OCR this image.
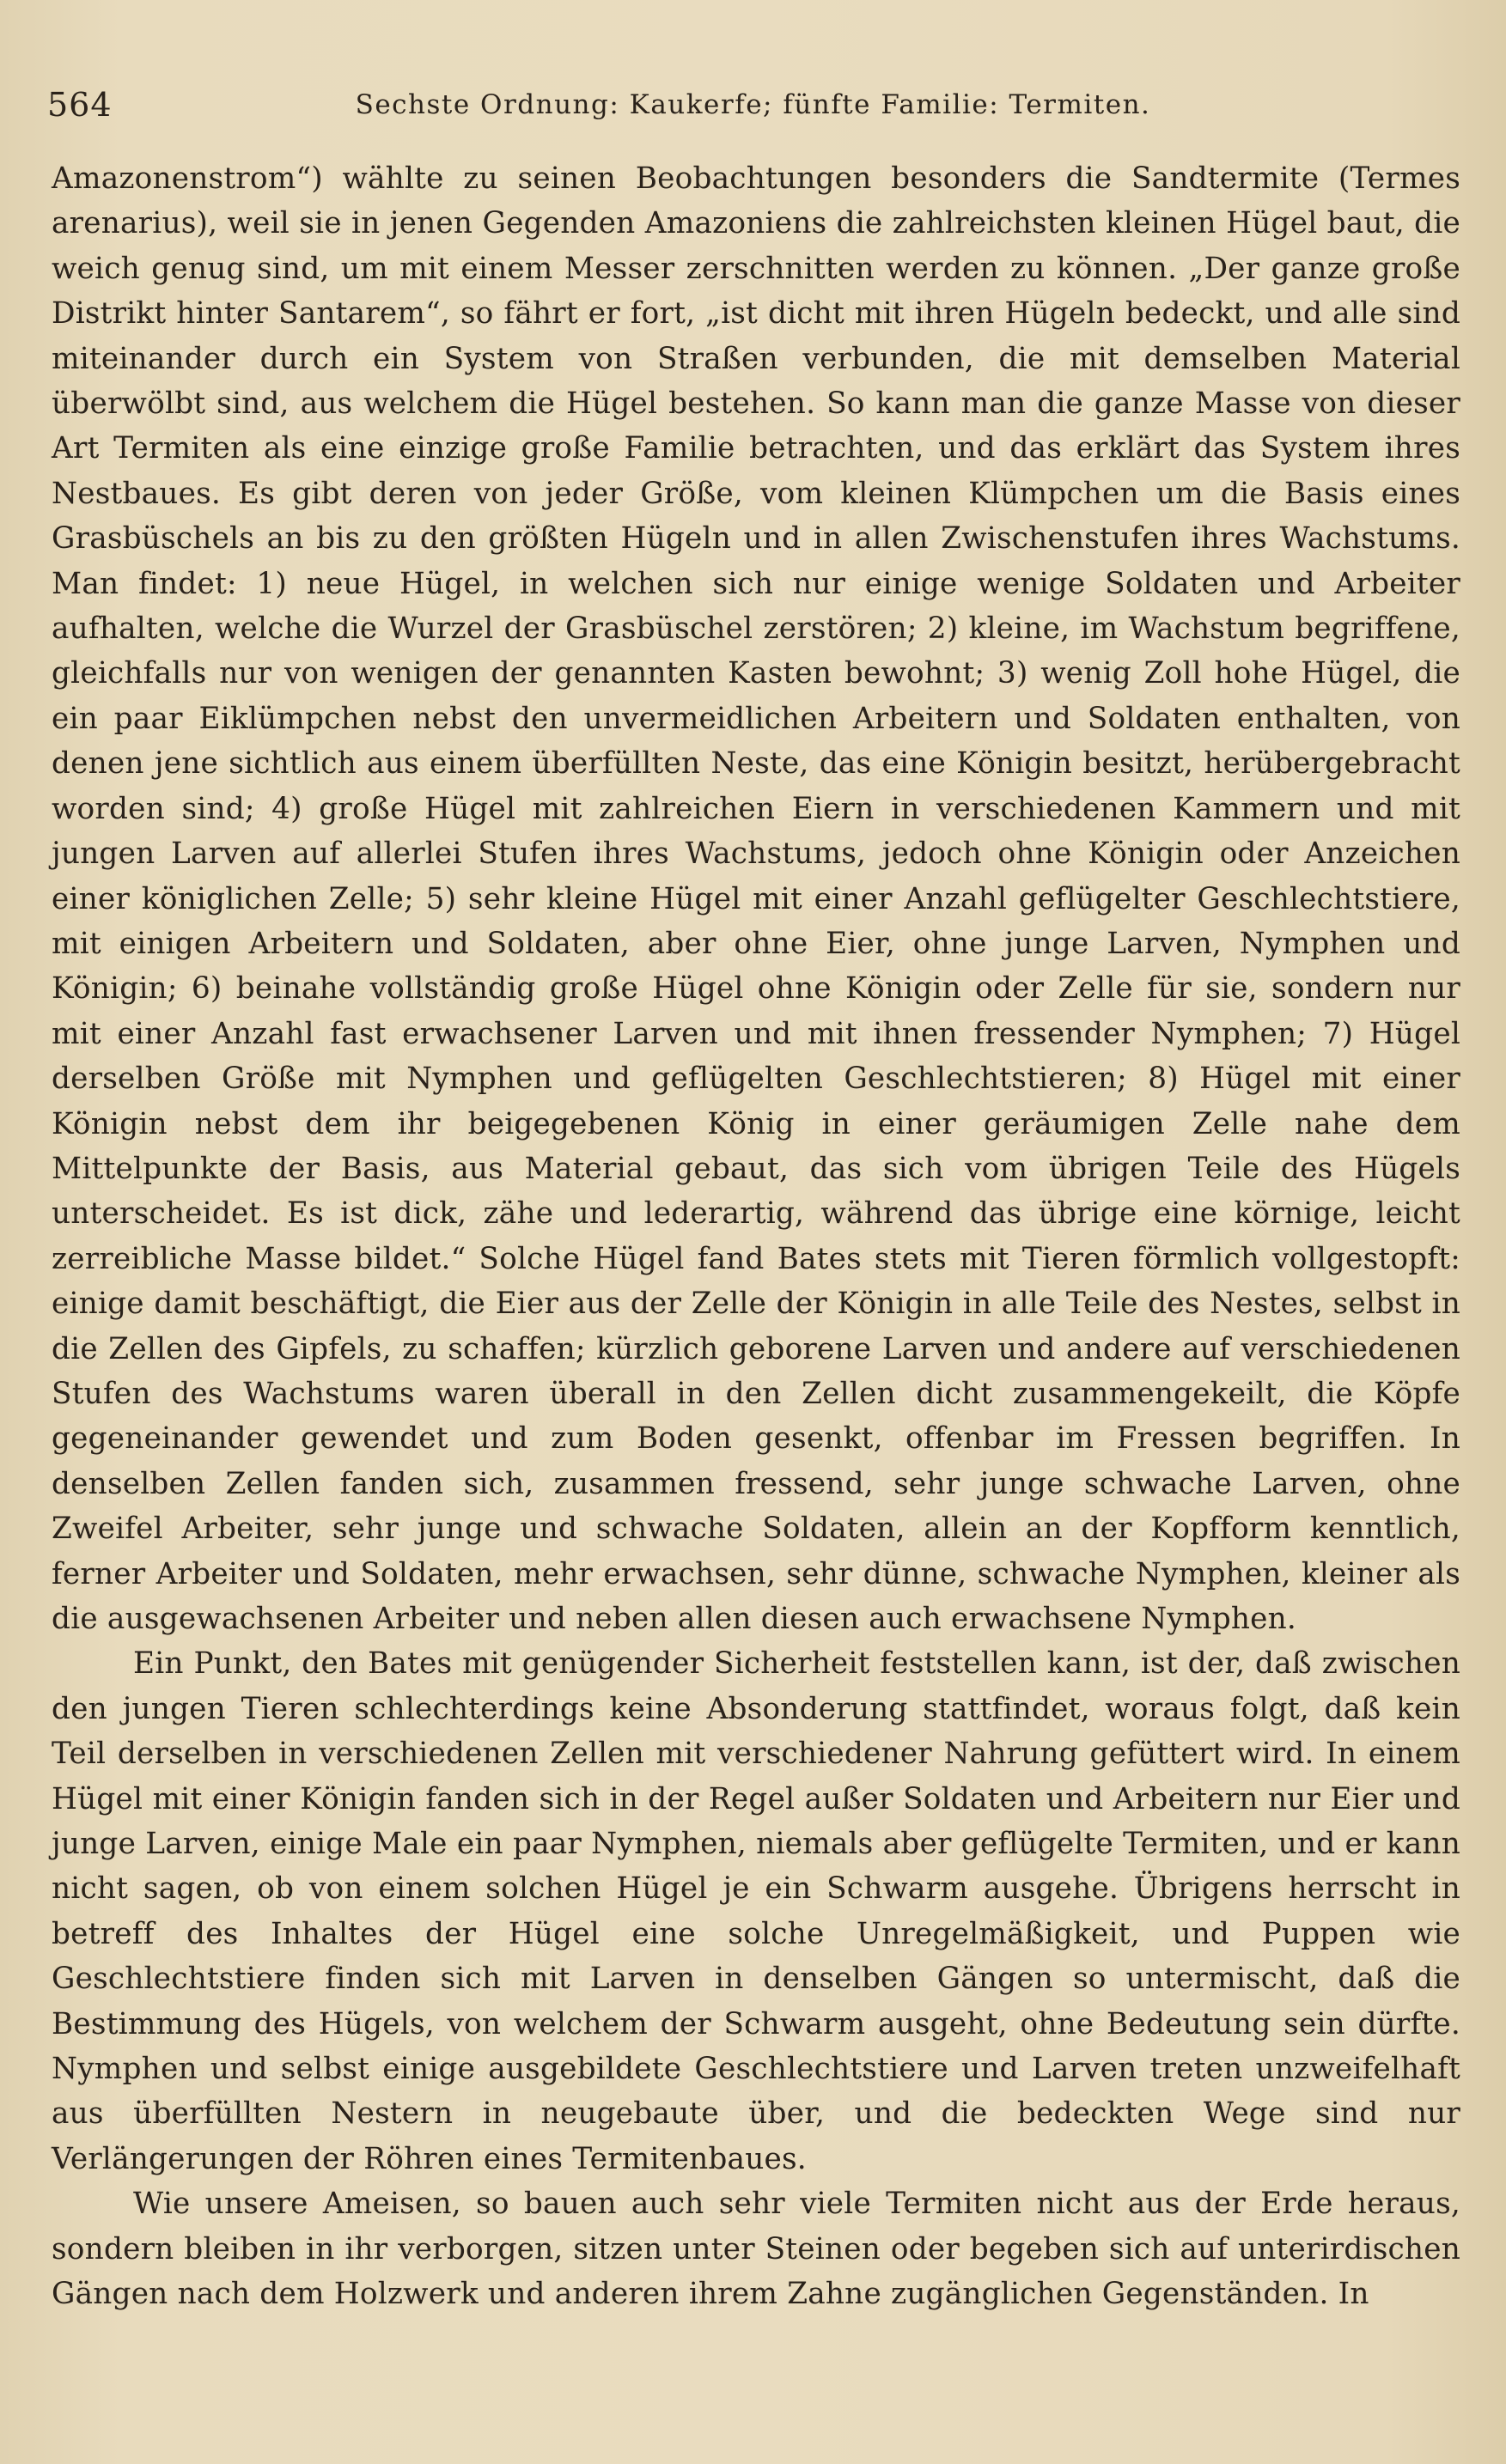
564	Sechste Ordnung: Kaukerfe; fünfte Familie: Termiten.

Amazonenstrom“) wählte zu seinen Beobachtungen besonders die Sandtermite (Termes arenarius), weil sie in jenen Gegenden Amazoniens die zahlreichsten kleinen Hügel baut, die weich genug sind, um mit einem Messer zerschnitten werden zu können. „Der ganze große Distrikt hinter Santarem“, so fährt er fort, „ist dicht mit ihren Hügeln bedeckt, und alle sind miteinander durch ein System von Straßen verbunden, die mit demselben Material überwölbt sind, aus welchem die Hügel bestehen. So kann man die ganze Masse von dieser Art Termiten als eine einzige große Familie betrachten, und das erklärt das System ihres Nestbaues. Es gibt deren von jeder Größe, vom kleinen Klümpchen um die Basis eines Grasbüschels an bis zu den größten Hügeln und in allen Zwischenstufen ihres Wachstums. Man findet: 1) neue Hügel, in welchen sich nur einige wenige Soldaten und Arbeiter aufhalten, welche die Wurzel der Grasbüschel zerstören; 2) kleine, im Wachstum begriffene, gleichfalls nur von wenigen der genannten Kasten bewohnt; 3) wenig Zoll hohe Hügel, die ein paar Eiklümpchen nebst den unvermeidlichen Arbeitern und Soldaten enthalten, von denen jene sichtlich aus einem überfüllten Neste, das eine Königin besitzt, herübergebracht worden sind; 4) große Hügel mit zahlreichen Eiern in verschiedenen Kammern und mit jungen Larven auf allerlei Stufen ihres Wachstums, jedoch ohne Königin oder Anzeichen einer königlichen Zelle; 5) sehr kleine Hügel mit einer Anzahl geflügelter Geschlechtstiere, mit einigen Arbeitern und Soldaten, aber ohne Eier, ohne junge Larven, Nymphen und Königin; 6) beinahe vollständig große Hügel ohne Königin oder Zelle für sie, sondern nur mit einer Anzahl fast erwachsener Larven und mit ihnen fressender Nymphen; 7) Hügel derselben Größe mit Nymphen und geflügelten Geschlechtstieren; 8) Hügel mit einer Königin nebst dem ihr beigegebenen König in einer geräumigen Zelle nahe dem Mittelpunkte der Basis, aus Material gebaut, das sich vom übrigen Teile des Hügels unterscheidet. Es ist dick, zähe und lederartig, während das übrige eine körnige, leicht zerreibliche Masse bildet.“ Solche Hügel fand Bates stets mit Tieren förmlich vollgestopft: einige damit beschäftigt, die Eier aus der Zelle der Königin in alle Teile des Nestes, selbst in die Zellen des Gipfels, zu schaffen; kürzlich geborene Larven und andere auf verschiedenen Stufen des Wachstums waren überall in den Zellen dicht zusammengekeilt, die Köpfe gegeneinander gewendet und zum Boden gesenkt, offenbar im Fressen begriffen. In denselben Zellen fanden sich, zusammen fressend, sehr junge schwache Larven, ohne Zweifel Arbeiter, sehr junge und schwache Soldaten, allein an der Kopfform kenntlich, ferner Arbeiter und Soldaten, mehr erwachsen, sehr dünne, schwache Nymphen, kleiner als die ausgewachsenen Arbeiter und neben allen diesen auch erwachsene Nymphen.

Ein Punkt, den Bates mit genügender Sicherheit feststellen kann, ist der, daß zwischen den jungen Tieren schlechterdings keine Absonderung stattfindet, woraus folgt, daß kein Teil derselben in verschiedenen Zellen mit verschiedener Nahrung gefüttert wird. In einem Hügel mit einer Königin fanden sich in der Regel außer Soldaten und Arbeitern nur Eier und junge Larven, einige Male ein paar Nymphen, niemals aber geflügelte Termiten, und er kann nicht sagen, ob von einem solchen Hügel je ein Schwarm ausgehe. Übrigens herrscht in betreff des Inhaltes der Hügel eine solche Unregelmäßigkeit, und Puppen wie Geschlechtstiere finden sich mit Larven in denselben Gängen so untermischt, daß die Bestimmung des Hügels, von welchem der Schwarm ausgeht, ohne Bedeutung sein dürfte. Nymphen und selbst einige ausgebildete Geschlechtstiere und Larven treten unzweifelhaft aus überfüllten Nestern in neugebaute über, und die bedeckten Wege sind nur Verlängerungen der Röhren eines Termitenbaues.

Wie unsere Ameisen, so bauen auch sehr viele Termiten nicht aus der Erde heraus, sondern bleiben in ihr verborgen, sitzen unter Steinen oder begeben sich auf unterirdischen Gängen nach dem Holzwerk und anderen ihrem Zahne zugänglichen Gegenständen. In
